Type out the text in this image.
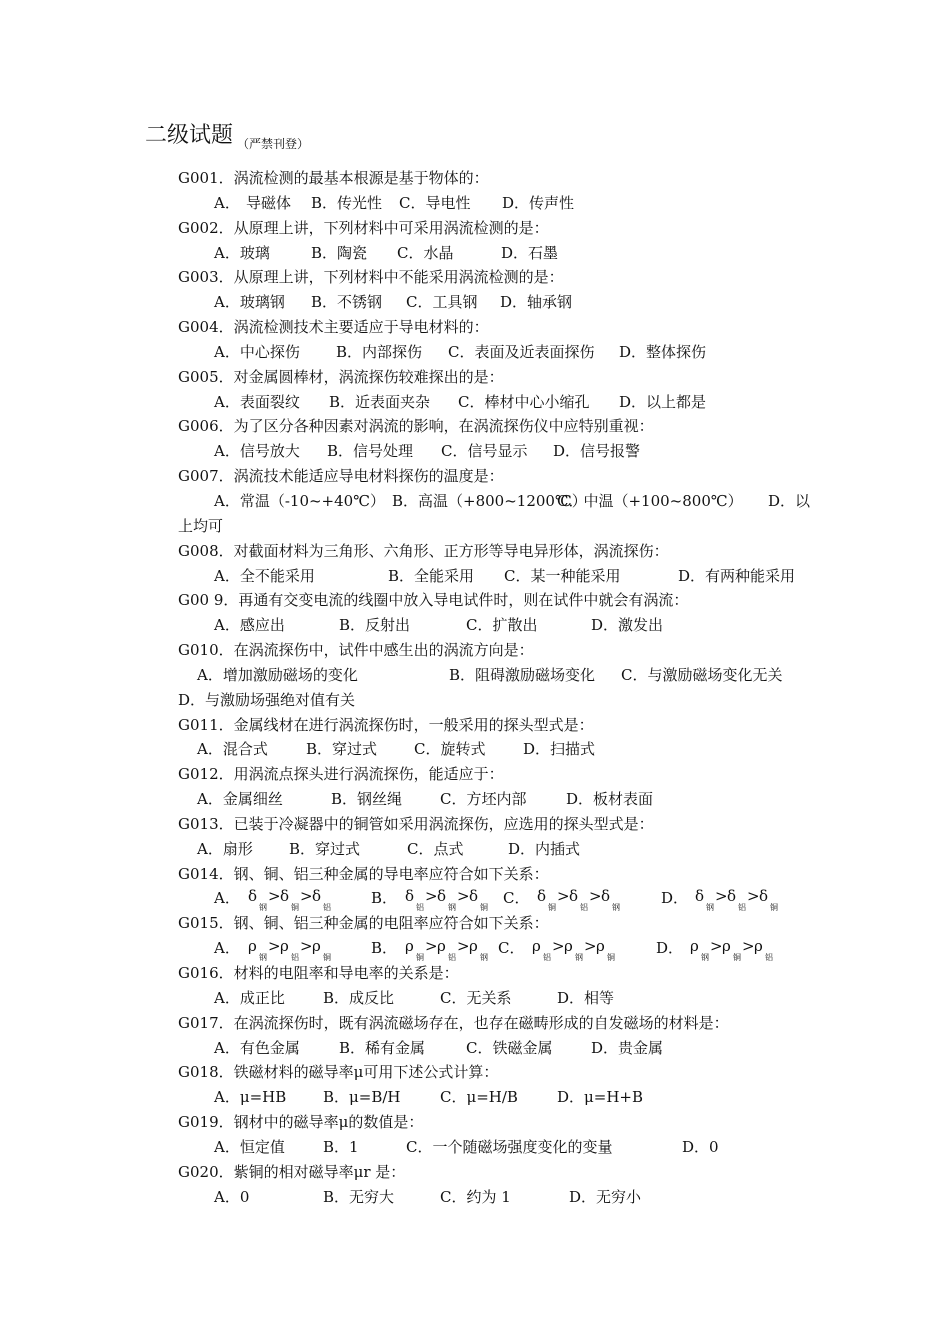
二级试题 $_{(严禁刊登)}$
G001．涡流检测的最基本根源是基于物体的：
A． 导磁体 B．传光性 C．导电性 D．传声性
G002．从原理上讲，下列材料中可采用涡流检测的是：
A．玻璃	B．陶瓷 C．水晶	D．石墨
G003．从原理上讲，下列材料中不能采用涡流检测的是：
A．玻璃钢 B．不锈钢 C．工具钢 D．轴承钢
G004．涡流检测技术主要适应于导电材料的：
A．中心探伤 B．内部探伤 C．表面及近表面探伤 D．整体探伤
G005．对金属圆棒材，涡流探伤较难探出的是：
A．表面裂纹 B．近表面夹杂 C．棒材中心小缩孔 D．以上都是
G006．为了区分各种因素对涡流的影响，在涡流探伤仪中应特别重视：
A．信号放大 B．信号处理 C．信号显示 D．信号报警
G007．涡流技术能适应导电材料探伤的温度是：
A．常温（-10~+40℃） B．高温（+800~1200℃）
C．中温（+100~800℃） D．以
上均可
G008．对截面材料为三角形、六角形、正方形等导电异形体，涡流探伤：
A．全不能采用	B．全能采用 C．某一种能采用	D．有两种能采用
G00 9．再通有交变电流的线圈中放入导电试件时，则在试件中就会有涡流：
A．感应出	B．反射出	C．扩散出	D．激发出
G010．在涡流探伤中，试件中感生出的涡流方向是：
A．增加激励磁场的变化	B．阻碍激励磁场变化 C．与激励磁场变化无关
D．与激励场强绝对值有关
G011．金属线材在进行涡流探伤时，一般采用的探头型式是：
A．混合式	B．穿过式 C．旋转式	D．扫描式
G012．用涡流点探头进行涡流探伤，能适应于：
A．金属细丝	B．钢丝绳	C．方坯内部	D．板材表面
G013．已装于冷凝器中的铜管如采用涡流探伤，应选用的探头型式是：
A．扇形 B．穿过式	C．点式	D．内插式
G014．钢、铜、铝三种金属的导电率应符合如下关系：
A． δ
钢
> δ
铜
> δ
铝
B． δ
铝
> δ
钢
> δ
铜
C． δ
铜
> δ
铝
> δ
钢
D． δ
钢
> δ
铝
> δ
铜
G015．钢、铜、铝三种金属的电阻率应符合如下关系：
A． ρ
钢
> ρ
铝
> ρ
铜
B． ρ
铜
> ρ
铝
> ρ
钢
C． ρ
铝
> ρ
钢
> ρ
铜
D． ρ
钢
> ρ
铜
> ρ
铝
G016．材料的电阻率和导电率的关系是：
A．成正比	B．成反比	C．无关系	D．相等
G017．在涡流探伤时，既有涡流磁场存在，也存在磁畴形成的自发磁场的材料是：
A．有色金属	B．稀有金属	C．铁磁金属	D．贵金属
G018．铁磁材料的磁导率μ可用下述公式计算：
A．μ=HB B．μ=B/H	C．μ=H/B	D．μ=H+B
G019．钢材中的磁导率μ的数值是：
A．恒定值	B．1	C．一个随磁场强度变化的变量	D．0
G020．紫铜的相对磁导率μr 是：
A．0	B．无穷大	C．约为 1	D．无穷小
